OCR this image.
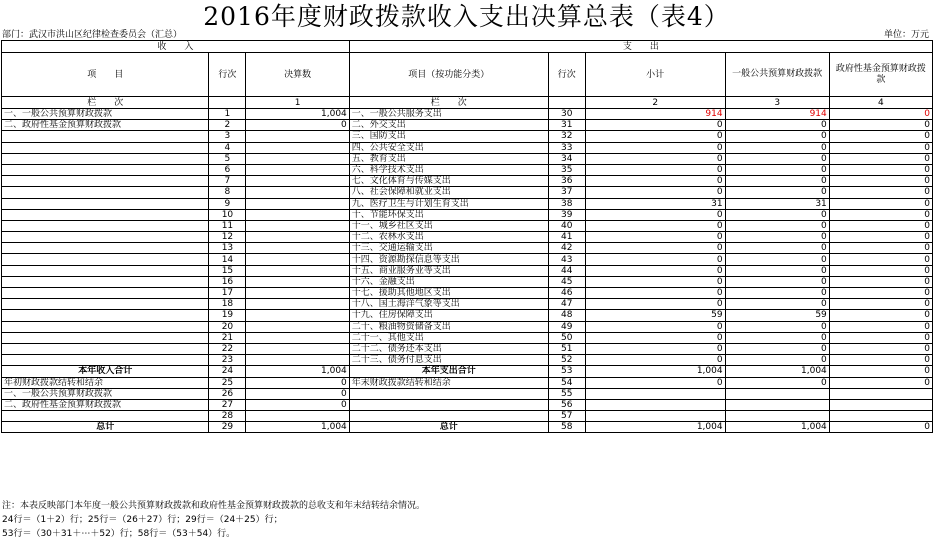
2016年度财政拨款收入支出决算总表（表4）
部门：武汉市洪山区纪律检查委员会（汇总）	单位：万元
收　　入			支　　出				
项　　目	行次	决算数	项目（按功能分类）	行次	小计	一般公共预算财政拨款	政府性基金预算财政拨款
栏　　次		1	栏　　次		2	3	4
一、一般公共预算财政拨款	1	1,004	一、一般公共服务支出	30	914	914	0
二、政府性基金预算财政拨款	2	0	二、外交支出	31	0	0	0
	3		三、国防支出	32	0	0	0
	4		四、公共安全支出	33	0	0	0
	5		五、教育支出	34	0	0	0
	6		六、科学技术支出	35	0	0	0
	7		七、文化体育与传媒支出	36	0	0	0
	8		八、社会保障和就业支出	37	0	0	0
	9		九、医疗卫生与计划生育支出	38	31	31	0
	10		十、节能环保支出	39	0	0	0
	11		十一、城乡社区支出	40	0	0	0
	12		十二、农林水支出	41	0	0	0
	13		十三、交通运输支出	42	0	0	0
	14		十四、资源勘探信息等支出	43	0	0	0
	15		十五、商业服务业等支出	44	0	0	0
	16		十六、金融支出	45	0	0	0
	17		十七、援助其他地区支出	46	0	0	0
	18		十八、国土海洋气象等支出	47	0	0	0
	19		十九、住房保障支出	48	59	59	0
	20		二十、粮油物资储备支出	49	0	0	0
	21		二十一、其他支出	50	0	0	0
	22		二十二、债务还本支出	51	0	0	0
	23		二十三、债务付息支出	52	0	0	0
本年收入合计	24	1,004	本年支出合计	53	1,004	1,004	0
年初财政拨款结转和结余	25	0	年末财政拨款结转和结余	54	0	0	0
一、一般公共预算财政拨款	26	0		55			
二、政府性基金预算财政拨款	27	0		56			
	28			57			
总计	29	1,004	总计	58	1,004	1,004	0
注：本表反映部门本年度一般公共预算财政拨款和政府性基金预算财政拨款的总收支和年末结转结余情况。
24行＝（1＋2）行；25行＝（26＋27）行；29行＝（24＋25）行；
53行＝（30＋31＋⋯＋52）行；58行＝（53＋54）行。
